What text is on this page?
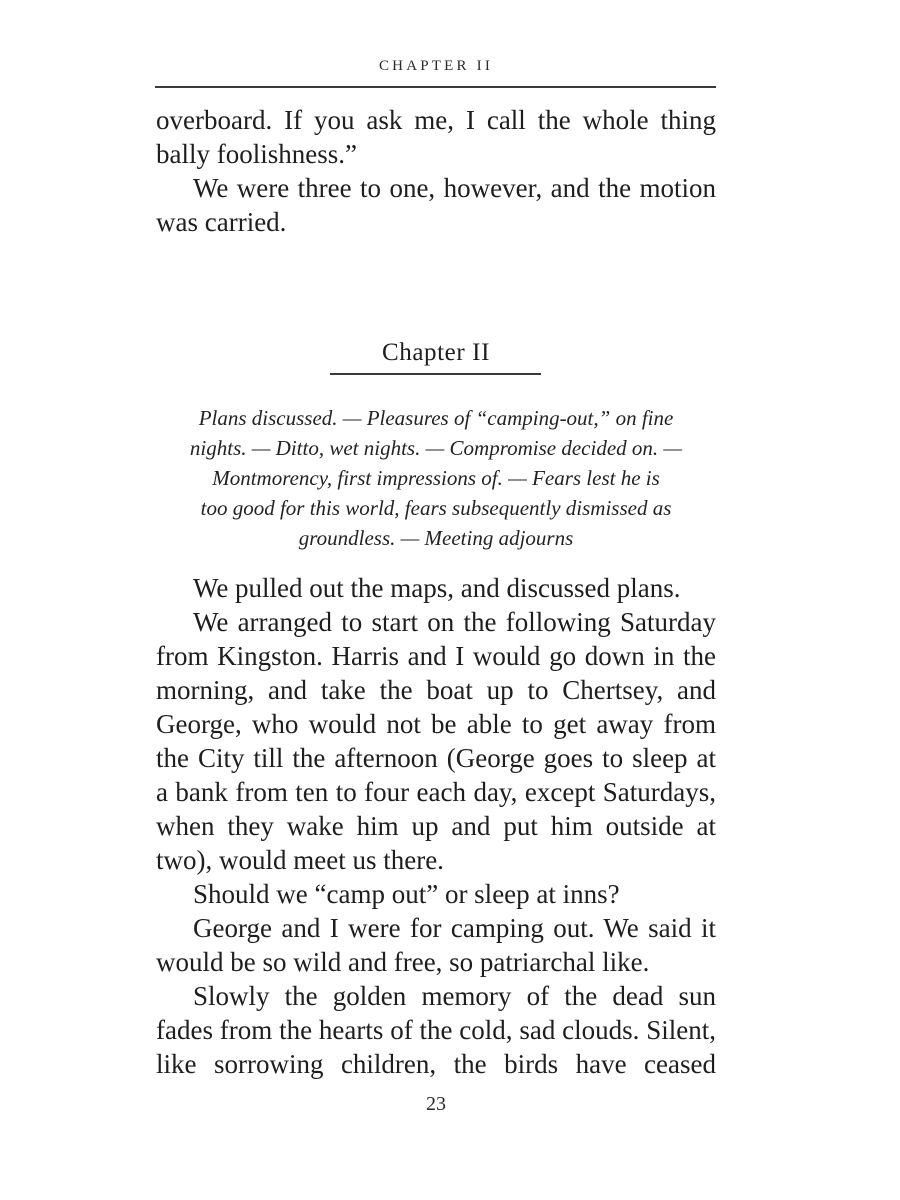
CHAPTER II
overboard. If you ask me, I call the whole thing
bally foolishness.”
We were three to one, however, and the motion
was carried.
Chapter II
Plans discussed. — Pleasures of “camping-out,” on fine
nights. — Ditto, wet nights. — Compromise decided on. —
Montmorency, first impressions of. — Fears lest he is
too good for this world, fears subsequently dismissed as
groundless. — Meeting adjourns
We pulled out the maps, and discussed plans.
We arranged to start on the following Saturday
from Kingston. Harris and I would go down in the
morning, and take the boat up to Chertsey, and
George, who would not be able to get away from
the City till the afternoon (George goes to sleep at
a bank from ten to four each day, except Saturdays,
when they wake him up and put him outside at
two), would meet us there.
Should we “camp out” or sleep at inns?
George and I were for camping out. We said it
would be so wild and free, so patriarchal like.
Slowly the golden memory of the dead sun
fades from the hearts of the cold, sad clouds. Silent,
like sorrowing children, the birds have ceased
23
